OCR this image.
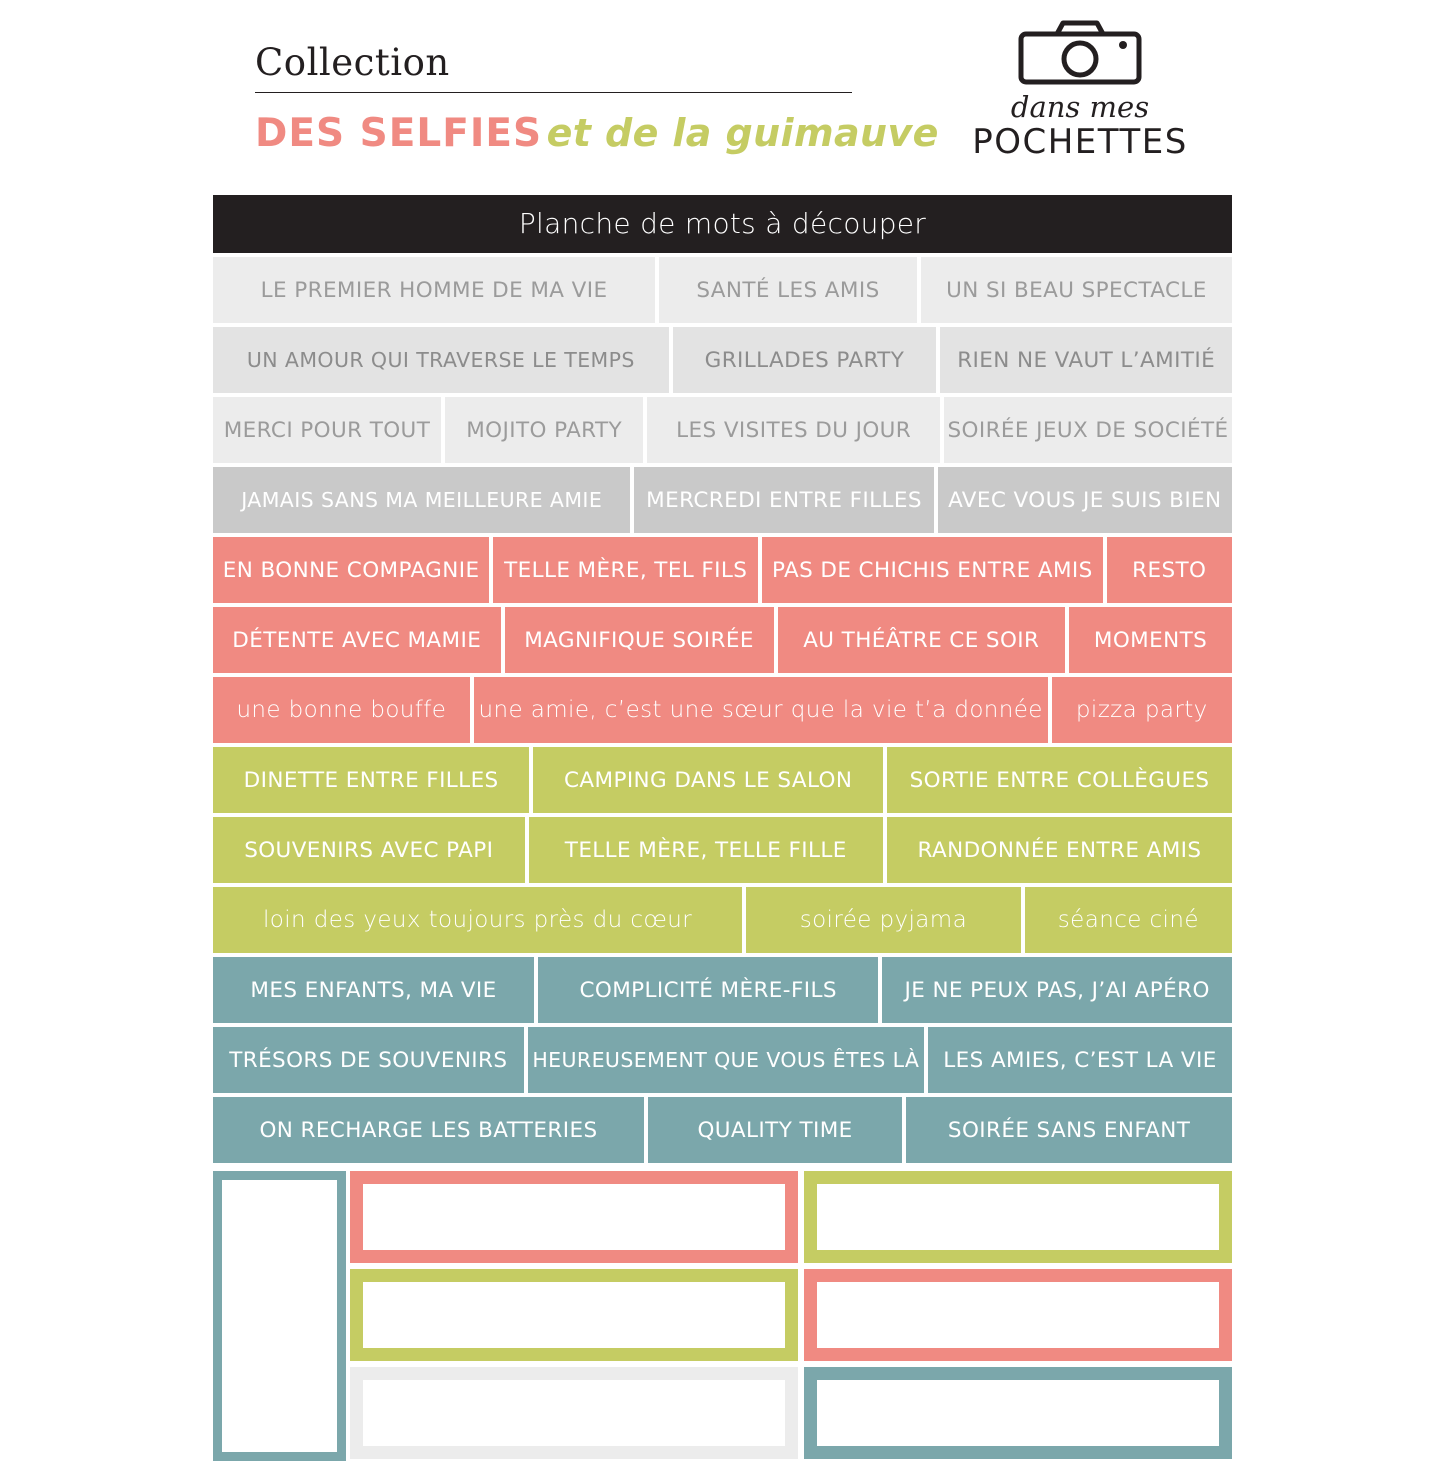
Collection
DES SELFIES et de la guimauve
dans mes
POCHETTES
Planche de mots à découper
LE PREMIER HOMME DE MA VIE	SANTÉ LES AMIS	UN SI BEAU SPECTACLE
UN AMOUR QUI TRAVERSE LE TEMPS	GRILLADES PARTY	RIEN NE VAUT L’AMITIÉ
MERCI POUR TOUT	MOJITO PARTY	LES VISITES DU JOUR	SOIRÉE JEUX DE SOCIÉTÉ
JAMAIS SANS MA MEILLEURE AMIE	MERCREDI ENTRE FILLES	AVEC VOUS JE SUIS BIEN
EN BONNE COMPAGNIE	TELLE MÈRE, TEL FILS	PAS DE CHICHIS ENTRE AMIS	RESTO
DÉTENTE AVEC MAMIE	MAGNIFIQUE SOIRÉE	AU THÉÂTRE CE SOIR	MOMENTS
une bonne bouffe	une amie, c’est une sœur que la vie t’a donnée	pizza party
DINETTE ENTRE FILLES	CAMPING DANS LE SALON	SORTIE ENTRE COLLÈGUES
SOUVENIRS AVEC PAPI	TELLE MÈRE, TELLE FILLE	RANDONNÉE ENTRE AMIS
loin des yeux toujours près du cœur	soirée pyjama	séance ciné
MES ENFANTS, MA VIE	COMPLICITÉ MÈRE-FILS	JE NE PEUX PAS, J’AI APÉRO
TRÉSORS DE SOUVENIRS	HEUREUSEMENT QUE VOUS ÊTES LÀ	LES AMIES, C’EST LA VIE
ON RECHARGE LES BATTERIES	QUALITY TIME	SOIRÉE SANS ENFANT
